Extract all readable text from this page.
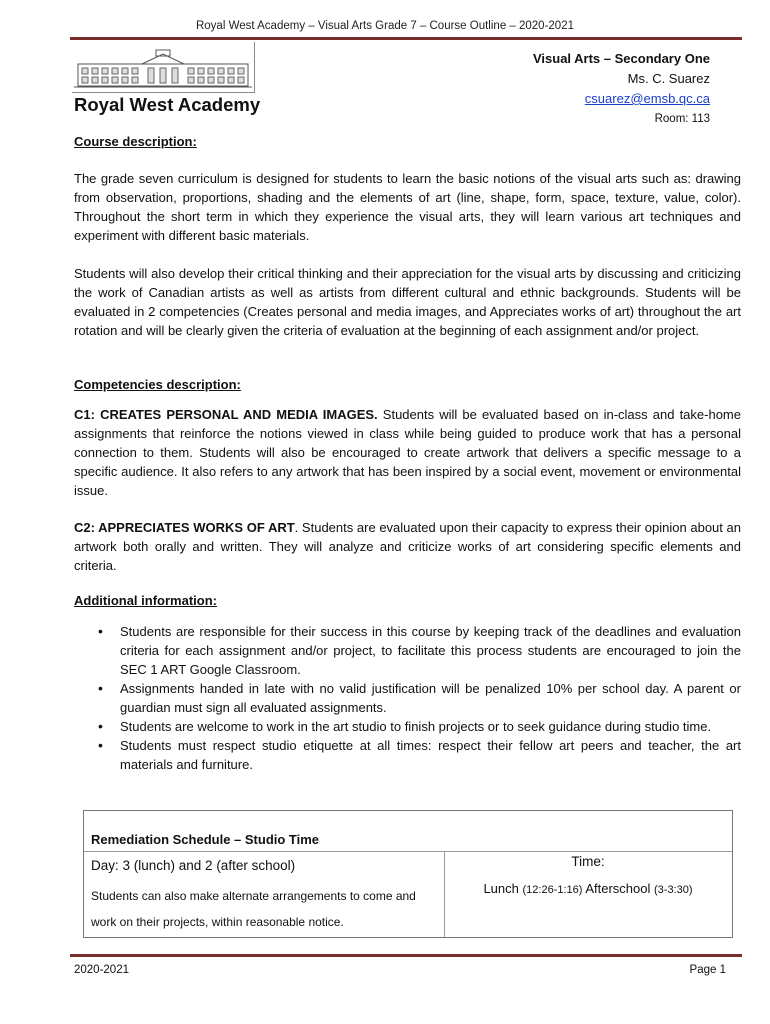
Royal West Academy – Visual Arts Grade 7 – Course Outline – 2020-2021
Royal West Academy
Visual Arts – Secondary One
Ms. C. Suarez
csuarez@emsb.qc.ca
Room: 113
Course description:
The grade seven curriculum is designed for students to learn the basic notions of the visual arts such as: drawing from observation, proportions, shading and the elements of art (line, shape, form, space, texture, value, color). Throughout the short term in which they experience the visual arts, they will learn various art techniques and experiment with different basic materials.
Students will also develop their critical thinking and their appreciation for the visual arts by discussing and criticizing the work of Canadian artists as well as artists from different cultural and ethnic backgrounds. Students will be evaluated in 2 competencies (Creates personal and media images, and Appreciates works of art) throughout the art rotation and will be clearly given the criteria of evaluation at the beginning of each assignment and/or project.
Competencies description:
C1: CREATES PERSONAL AND MEDIA IMAGES. Students will be evaluated based on in-class and take-home assignments that reinforce the notions viewed in class while being guided to produce work that has a personal connection to them. Students will also be encouraged to create artwork that delivers a specific message to a specific audience. It also refers to any artwork that has been inspired by a social event, movement or environmental issue.
C2: APPRECIATES WORKS OF ART. Students are evaluated upon their capacity to express their opinion about an artwork both orally and written. They will analyze and criticize works of art considering specific elements and criteria.
Additional information:
• Students are responsible for their success in this course by keeping track of the deadlines and evaluation criteria for each assignment and/or project, to facilitate this process students are encouraged to join the SEC 1 ART Google Classroom.
• Assignments handed in late with no valid justification will be penalized 10% per school day. A parent or guardian must sign all evaluated assignments.
• Students are welcome to work in the art studio to finish projects or to seek guidance during studio time.
• Students must respect studio etiquette at all times: respect their fellow art peers and teacher, the art materials and furniture.
Remediation Schedule – Studio Time
Day: 3 (lunch) and 2 (after school)
Students can also make alternate arrangements to come and work on their projects, within reasonable notice.
Time:
Lunch (12:26-1:16) Afterschool (3-3:30)
2020-2021	Page 1
